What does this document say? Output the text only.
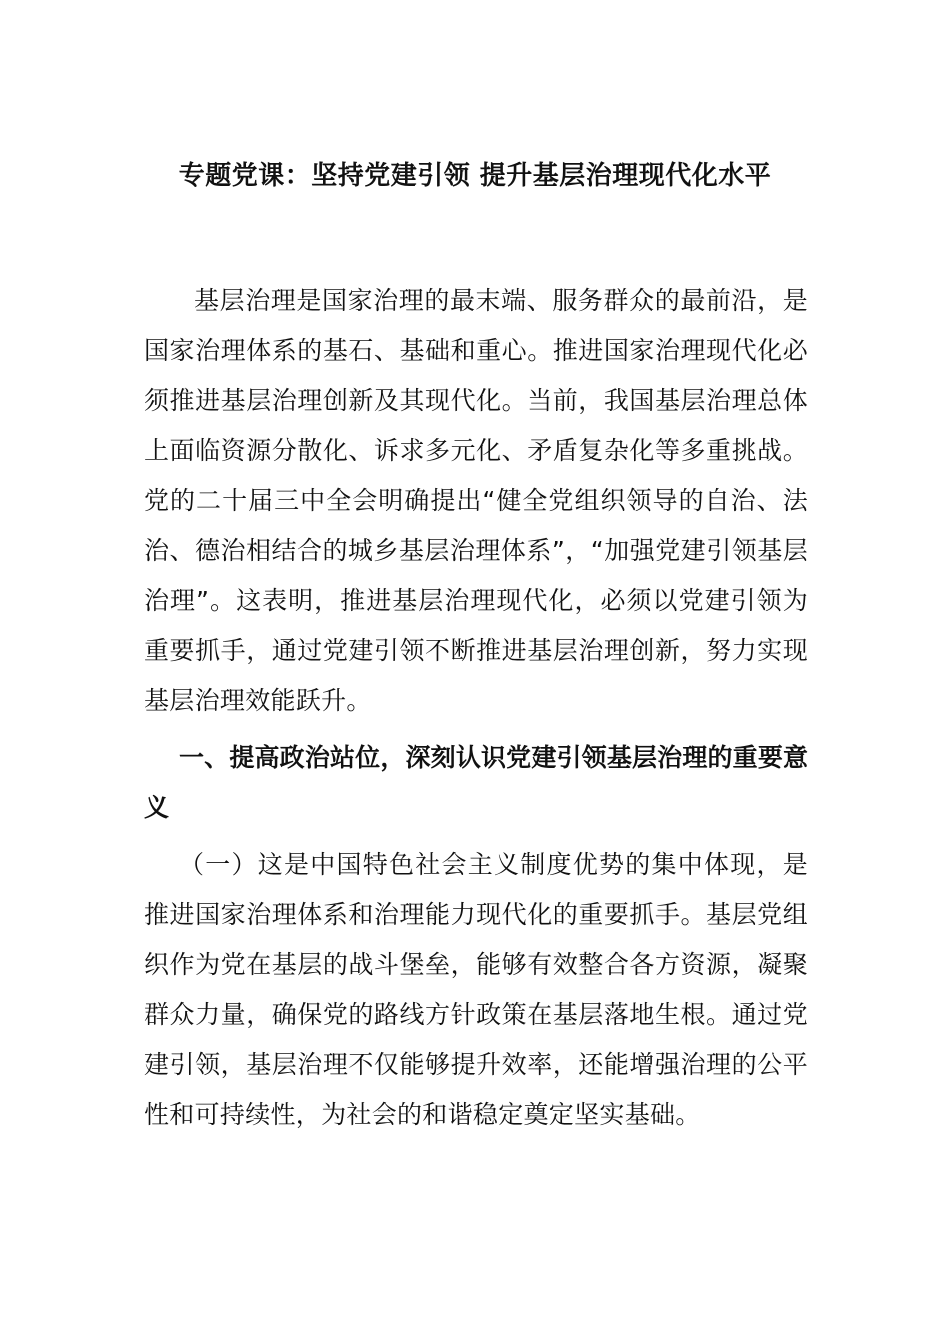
专题党课：坚持党建引领 提升基层治理现代化水平

基层治理是国家治理的最末端、服务群众的最前沿，是国家治理体系的基石、基础和重心。推进国家治理现代化必须推进基层治理创新及其现代化。当前，我国基层治理总体上面临资源分散化、诉求多元化、矛盾复杂化等多重挑战。党的二十届三中全会明确提出“健全党组织领导的自治、法治、德治相结合的城乡基层治理体系”，“加强党建引领基层治理”。这表明，推进基层治理现代化，必须以党建引领为重要抓手，通过党建引领不断推进基层治理创新，努力实现基层治理效能跃升。

一、提高政治站位，深刻认识党建引领基层治理的重要意义

（一）这是中国特色社会主义制度优势的集中体现，是推进国家治理体系和治理能力现代化的重要抓手。基层党组织作为党在基层的战斗堡垒，能够有效整合各方资源，凝聚群众力量，确保党的路线方针政策在基层落地生根。通过党建引领，基层治理不仅能够提升效率，还能增强治理的公平性和可持续性，为社会的和谐稳定奠定坚实基础。
